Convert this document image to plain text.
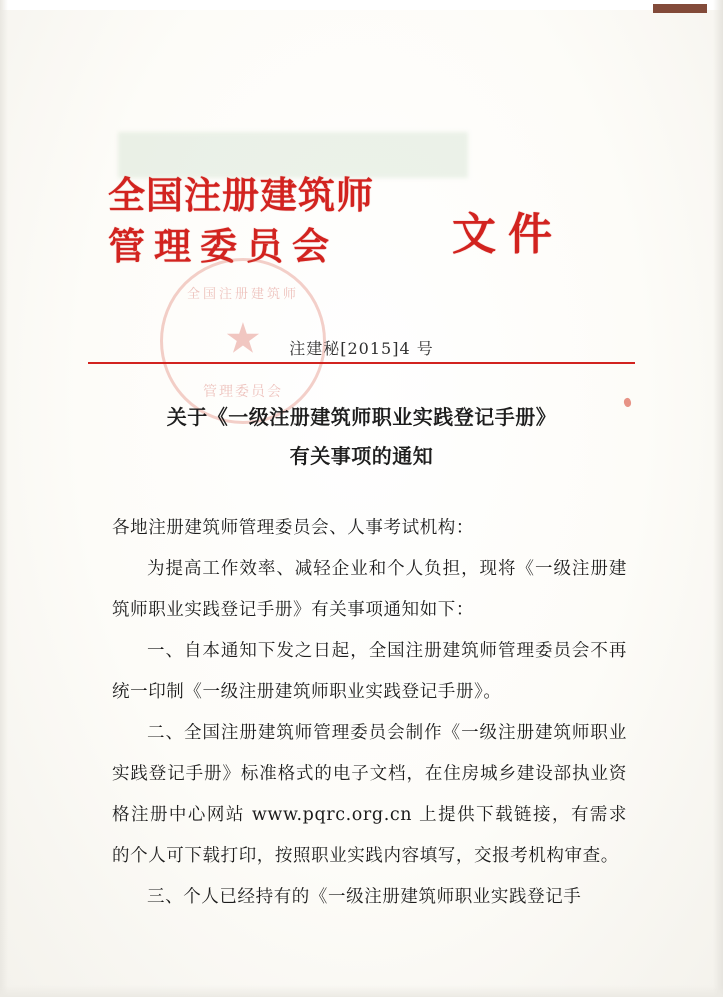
全国注册建筑师
管理委员会	文件
全国注册建筑师
管理委员会
★
注建秘[2015]4 号
关于《一级注册建筑师职业实践登记手册》
有关事项的通知

各地注册建筑师管理委员会、人事考试机构：

为提高工作效率、减轻企业和个人负担，现将《一级注册建筑师职业实践登记手册》有关事项通知如下：

一、自本通知下发之日起，全国注册建筑师管理委员会不再统一印制《一级注册建筑师职业实践登记手册》。

二、全国注册建筑师管理委员会制作《一级注册建筑师职业实践登记手册》标准格式的电子文档，在住房城乡建设部执业资格注册中心网站 www.pqrc.org.cn 上提供下载链接，有需求的个人可下载打印，按照职业实践内容填写，交报考机构审查。

三、个人已经持有的《一级注册建筑师职业实践登记手
